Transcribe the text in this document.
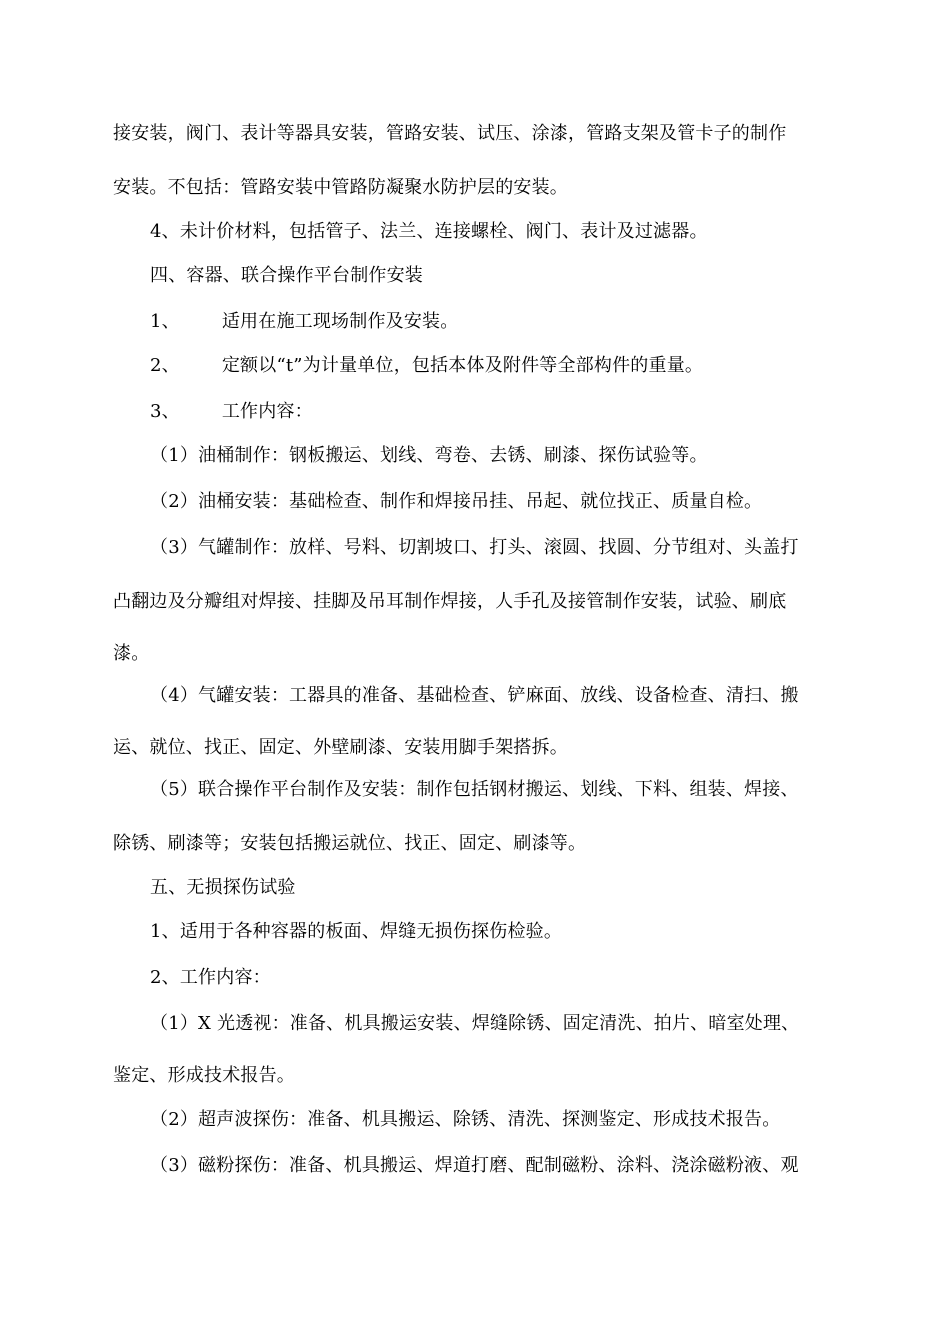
接安装，阀门、表计等器具安装，管路安装、试压、涂漆，管路支架及管卡子的制作
安装。不包括：管路安装中管路防凝聚水防护层的安装。
4、未计价材料，包括管子、法兰、连接螺栓、阀门、表计及过滤器。
四、容器、联合操作平台制作安装
1、 适用在施工现场制作及安装。
2、 定额以“t”为计量单位，包括本体及附件等全部构件的重量。
3、 工作内容：
（1）油桶制作：钢板搬运、划线、弯卷、去锈、刷漆、探伤试验等。
（2）油桶安装：基础检查、制作和焊接吊挂、吊起、就位找正、质量自检。
（3）气罐制作：放样、号料、切割坡口、打头、滚圆、找圆、分节组对、头盖打
凸翻边及分瓣组对焊接、挂脚及吊耳制作焊接，人手孔及接管制作安装，试验、刷底
漆。
（4）气罐安装：工器具的准备、基础检查、铲麻面、放线、设备检查、清扫、搬
运、就位、找正、固定、外壁刷漆、安装用脚手架搭拆。
（5）联合操作平台制作及安装：制作包括钢材搬运、划线、下料、组装、焊接、
除锈、刷漆等；安装包括搬运就位、找正、固定、刷漆等。
五、无损探伤试验
1、适用于各种容器的板面、焊缝无损伤探伤检验。
2、工作内容：
（1）X 光透视：准备、机具搬运安装、焊缝除锈、固定清洗、拍片、暗室处理、
鉴定、形成技术报告。
（2）超声波探伤：准备、机具搬运、除锈、清洗、探测鉴定、形成技术报告。
（3）磁粉探伤：准备、机具搬运、焊道打磨、配制磁粉、涂料、浇涂磁粉液、观
